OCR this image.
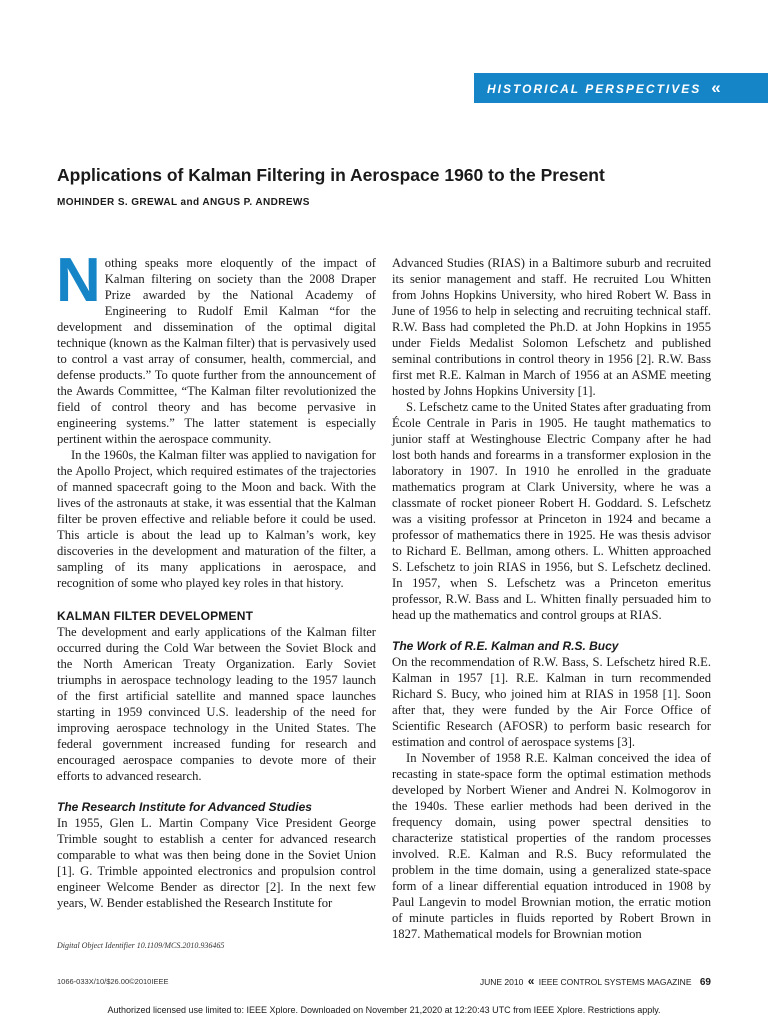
HISTORICAL PERSPECTIVES «
Applications of Kalman Filtering in Aerospace 1960 to the Present

MOHINDER S. GREWAL and ANGUS P. ANDREWS

Nothing speaks more eloquently of the impact of Kalman filtering on society than the 2008 Draper Prize awarded by the National Academy of Engineering to Rudolf Emil Kalman “for the development and dissemination of the optimal digital technique (known as the Kalman filter) that is pervasively used to control a vast array of consumer, health, commercial, and defense products.” To quote further from the announcement of the Awards Committee, “The Kalman filter revolutionized the field of control theory and has become pervasive in engineering systems.” The latter statement is especially pertinent within the aerospace community.

In the 1960s, the Kalman filter was applied to navigation for the Apollo Project, which required estimates of the trajectories of manned spacecraft going to the Moon and back. With the lives of the astronauts at stake, it was essential that the Kalman filter be proven effective and reliable before it could be used. This article is about the lead up to Kalman’s work, key discoveries in the development and maturation of the filter, a sampling of its many applications in aerospace, and recognition of some who played key roles in that history.

KALMAN FILTER DEVELOPMENT

The development and early applications of the Kalman filter occurred during the Cold War between the Soviet Block and the North American Treaty Organization. Early Soviet triumphs in aerospace technology leading to the 1957 launch of the first artificial satellite and manned space launches starting in 1959 convinced U.S. leadership of the need for improving aerospace technology in the United States. The federal government increased funding for research and encouraged aerospace companies to devote more of their efforts to advanced research.

The Research Institute for Advanced Studies

In 1955, Glen L. Martin Company Vice President George Trimble sought to establish a center for advanced research comparable to what was then being done in the Soviet Union [1]. G. Trimble appointed electronics and propulsion control engineer Welcome Bender as director [2]. In the next few years, W. Bender established the Research Institute for

Advanced Studies (RIAS) in a Baltimore suburb and recruited its senior management and staff. He recruited Lou Whitten from Johns Hopkins University, who hired Robert W. Bass in June of 1956 to help in selecting and recruiting technical staff. R.W. Bass had completed the Ph.D. at John Hopkins in 1955 under Fields Medalist Solomon Lefschetz and published seminal contributions in control theory in 1956 [2]. R.W. Bass first met R.E. Kalman in March of 1956 at an ASME meeting hosted by Johns Hopkins University [1].

S. Lefschetz came to the United States after graduating from École Centrale in Paris in 1905. He taught mathematics to junior staff at Westinghouse Electric Company after he had lost both hands and forearms in a transformer explosion in the laboratory in 1907. In 1910 he enrolled in the graduate mathematics program at Clark University, where he was a classmate of rocket pioneer Robert H. Goddard. S. Lefschetz was a visiting professor at Princeton in 1924 and became a professor of mathematics there in 1925. He was thesis advisor to Richard E. Bellman, among others. L. Whitten approached S. Lefschetz to join RIAS in 1956, but S. Lefschetz declined. In 1957, when S. Lefschetz was a Princeton emeritus professor, R.W. Bass and L. Whitten finally persuaded him to head up the mathematics and control groups at RIAS.

The Work of R.E. Kalman and R.S. Bucy

On the recommendation of R.W. Bass, S. Lefschetz hired R.E. Kalman in 1957 [1]. R.E. Kalman in turn recommended Richard S. Bucy, who joined him at RIAS in 1958 [1]. Soon after that, they were funded by the Air Force Office of Scientific Research (AFOSR) to perform basic research for estimation and control of aerospace systems [3].

In November of 1958 R.E. Kalman conceived the idea of recasting in state-space form the optimal estimation methods developed by Norbert Wiener and Andrei N. Kolmogorov in the 1940s. These earlier methods had been derived in the frequency domain, using power spectral densities to characterize statistical properties of the random processes involved. R.E. Kalman and R.S. Bucy reformulated the problem in the time domain, using a generalized state-space form of a linear differential equation introduced in 1908 by Paul Langevin to model Brownian motion, the erratic motion of minute particles in fluids reported by Robert Brown in 1827. Mathematical models for Brownian motion

Digital Object Identifier 10.1109/MCS.2010.936465
1066-033X/10/$26.00©2010IEEE	JUNE 2010 « IEEE CONTROL SYSTEMS MAGAZINE 69
Authorized licensed use limited to: IEEE Xplore. Downloaded on November 21,2020 at 12:20:43 UTC from IEEE Xplore. Restrictions apply.
